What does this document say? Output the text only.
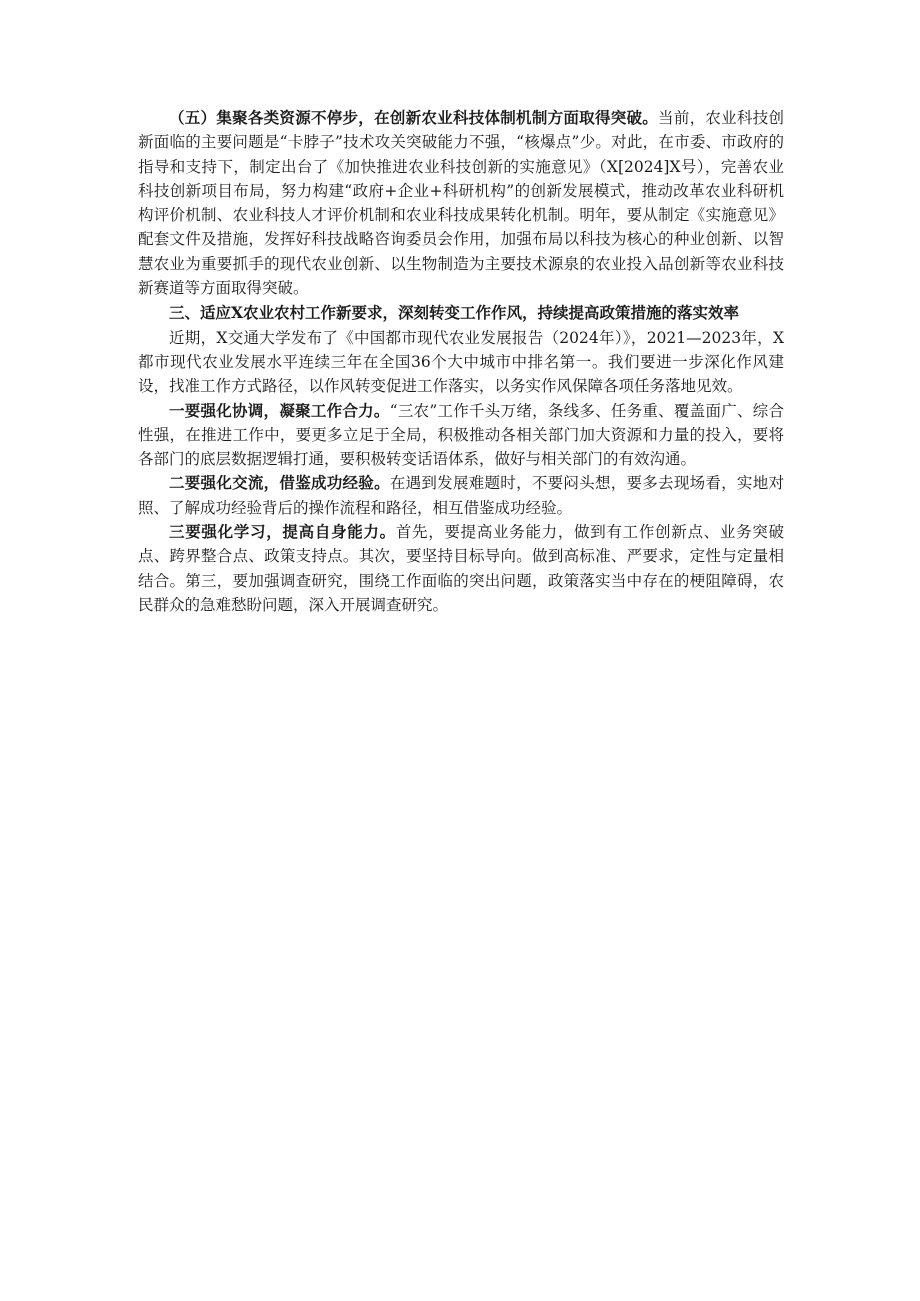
（五）集聚各类资源不停步，在创新农业科技体制机制方面取得突破。当前，农业科技创新面临的主要问题是“卡脖子”技术攻关突破能力不强，“核爆点”少。对此，在市委、市政府的指导和支持下，制定出台了《加快推进农业科技创新的实施意见》（X[2024]X号），完善农业科技创新项目布局，努力构建“政府+企业+科研机构”的创新发展模式，推动改革农业科研机构评价机制、农业科技人才评价机制和农业科技成果转化机制。明年，要从制定《实施意见》配套文件及措施，发挥好科技战略咨询委员会作用，加强布局以科技为核心的种业创新、以智慧农业为重要抓手的现代农业创新、以生物制造为主要技术源泉的农业投入品创新等农业科技新赛道等方面取得突破。

三、适应X农业农村工作新要求，深刻转变工作作风，持续提高政策措施的落实效率

近期，X交通大学发布了《中国都市现代农业发展报告（2024年）》，2021—2023年，X都市现代农业发展水平连续三年在全国36个大中城市中排名第一。我们要进一步深化作风建设，找准工作方式路径，以作风转变促进工作落实，以务实作风保障各项任务落地见效。

一要强化协调，凝聚工作合力。“三农”工作千头万绪，条线多、任务重、覆盖面广、综合性强，在推进工作中，要更多立足于全局，积极推动各相关部门加大资源和力量的投入，要将各部门的底层数据逻辑打通，要积极转变话语体系，做好与相关部门的有效沟通。

二要强化交流，借鉴成功经验。在遇到发展难题时，不要闷头想，要多去现场看，实地对照、了解成功经验背后的操作流程和路径，相互借鉴成功经验。

三要强化学习，提高自身能力。首先，要提高业务能力，做到有工作创新点、业务突破点、跨界整合点、政策支持点。其次，要坚持目标导向。做到高标准、严要求，定性与定量相结合。第三，要加强调查研究，围绕工作面临的突出问题，政策落实当中存在的梗阻障碍，农民群众的急难愁盼问题，深入开展调查研究。
